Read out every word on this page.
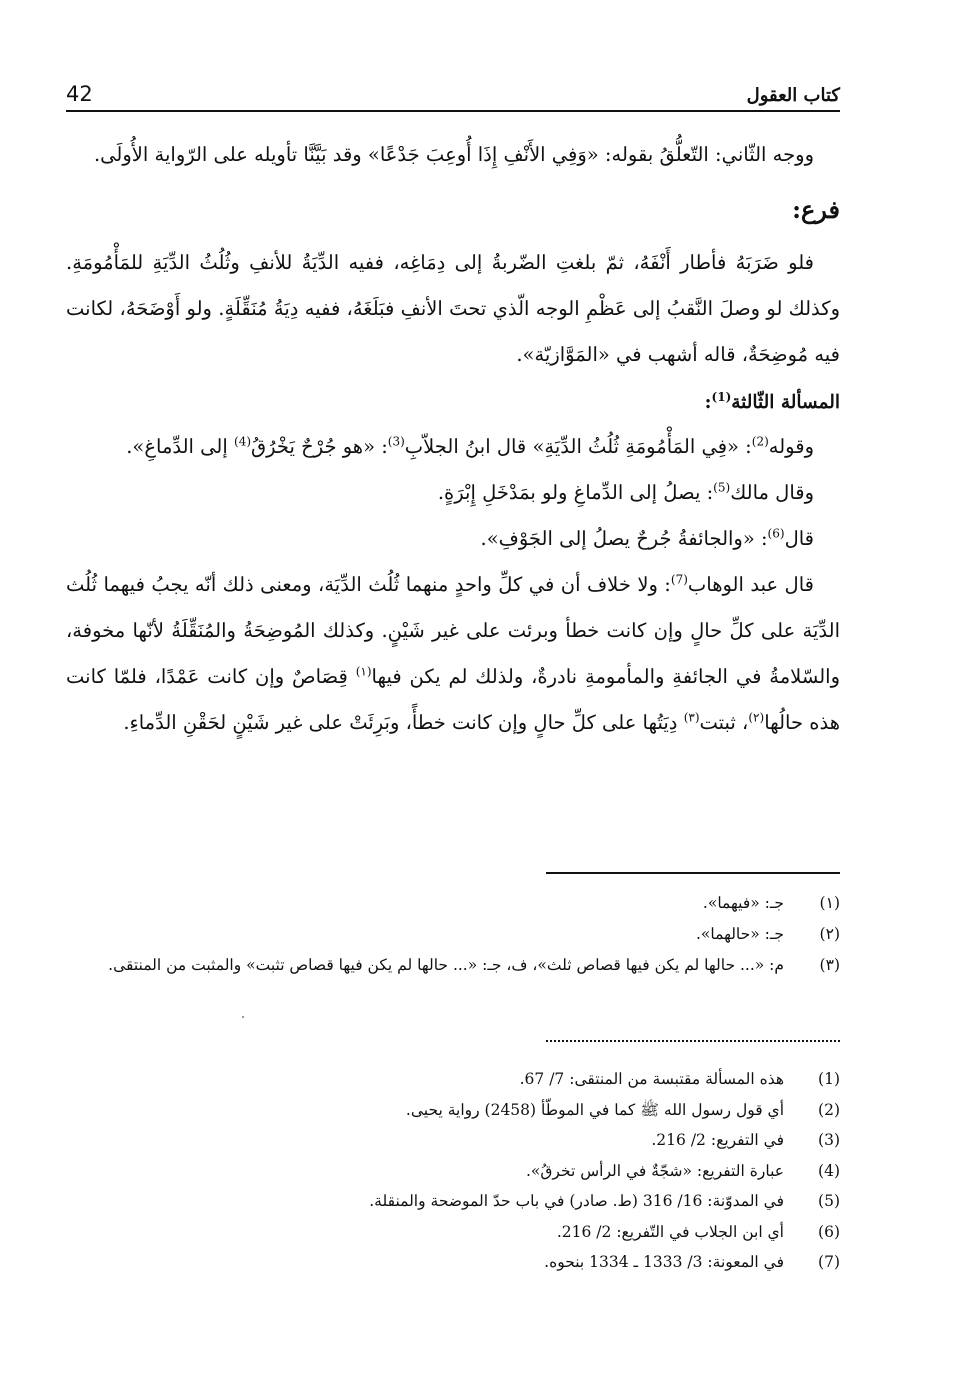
42	كتاب العقول

ووجه الثّاني: التّعلُّقُ بقوله: «وَفِي الأَنْفِ إِذَا أُوعِبَ جَدْعًا» وقد بَيَّنَّا تأويله على الرّواية الأُولَى.

فرع:

فلو ضَرَبَهُ فأطار أَنْفَهُ، ثمّ بلغتِ الضّربةُ إلى دِمَاغِه، ففيه الدِّيَةُ للأنفِ وثُلُثُ الدِّيَةِ للمَأْمُومَةِ. وكذلك لو وصلَ النَّقبُ إلى عَظْمِ الوجه الّذي تحتَ الأنفِ فبَلَغَهُ، ففيه دِيَةُ مُنَقِّلَةٍ. ولو أَوْضَحَهُ، لكانت فيه مُوضِحَةٌ، قاله أشهب في «المَوَّازيّة».

المسألة الثّالثة$^{(1)}$:

وقوله$^{(2)}$: «فِي المَأْمُومَةِ ثُلُثُ الدِّيَةِ» قال ابنُ الجلاّبِ$^{(3)}$: «هو جُرْحٌ يَخْرُقُ$^{(4)}$ إلى الدِّماغِ».

وقال مالك$^{(5)}$: يصلُ إلى الدِّماغِ ولو بمَدْخَلِ إِبْرَةٍ.

قال$^{(6)}$: «والجائفةُ جُرحٌ يصلُ إلى الجَوْفِ».

قال عبد الوهاب$^{(7)}$: ولا خلاف أن في كلِّ واحدٍ منهما ثُلُث الدِّيَة، ومعنى ذلك أنّه يجبُ فيهما ثُلُث الدِّيَة على كلِّ حالٍ وإن كانت خطأ وبرئت على غير شَيْنٍ. وكذلك المُوضِحَةُ والمُنَقِّلَةُ لأنّها مخوفة، والسّلامةُ في الجائفةِ والمأمومةِ نادرةٌ، ولذلك لم يكن فيها$^{(١)}$ قِصَاصٌ وإن كانت عَمْدًا، فلمّا كانت هذه حالُها$^{(٢)}$، ثبتت$^{(٣)}$ دِيَتُها على كلِّ حالٍ وإن كانت خطأً، وبَرِئَتْ على غير شَيْنٍ لحَقْنِ الدِّماءِ.

(١)
جـ: «فيهما».
(٢)
جـ: «حالهما».
(٣)
م: «... حالها لم يكن فيها قصاص ثلث»، ف، جـ: «... حالها لم يكن فيها قصاص تثبت» والمثبت من المنتقى.
(1)
هذه المسألة مقتبسة من المنتقى: 7/ 67.
(2)
أي قول رسول الله ﷺ كما في الموطّأ (2458) رواية يحيى.
(3)
في التفريع: 2/ 216.
(4)
عبارة التفريع: «شجّةٌ في الرأس تخرقُ».
(5)
في المدوّنة: 16/ 316 (ط. صادر) في باب حدّ الموضحة والمنقلة.
(6)
أي ابن الجلاب في التّفريع: 2/ 216.
(7)
في المعونة: 3/ 1333 ـ 1334 بنحوه.
